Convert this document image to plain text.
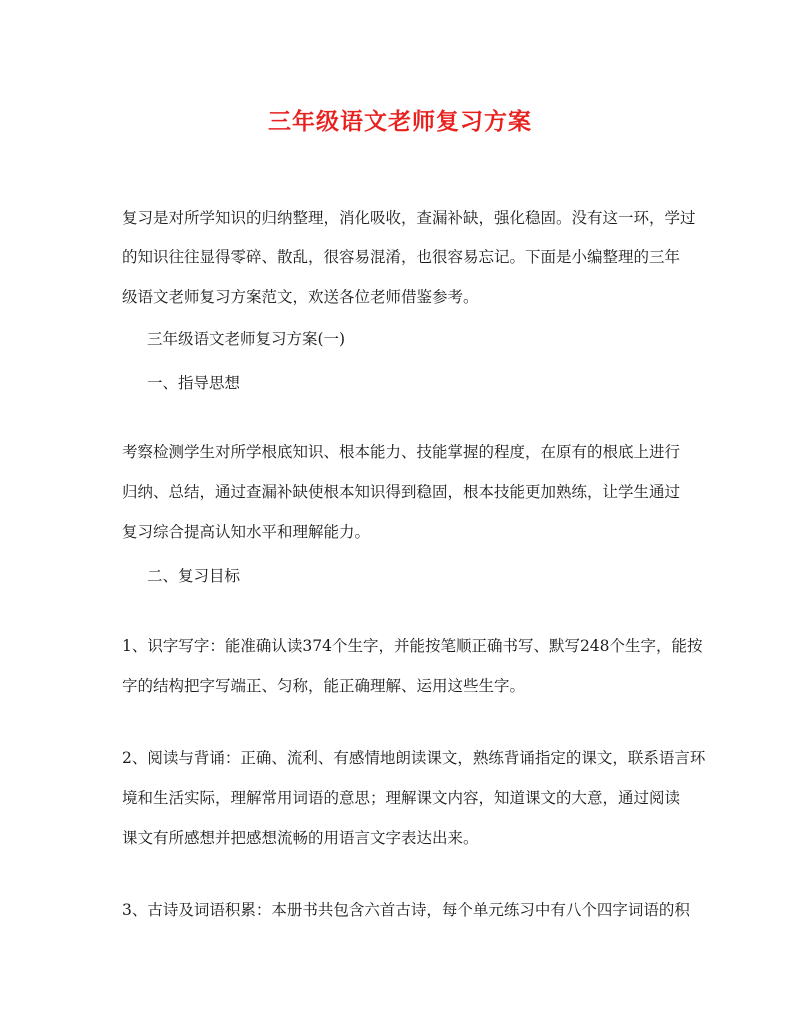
三年级语文老师复习方案

复习是对所学知识的归纳整理，消化吸收，查漏补缺，强化稳固。没有这一环，学过

的知识往往显得零碎、散乱，很容易混淆，也很容易忘记。下面是小编整理的三年

级语文老师复习方案范文，欢送各位老师借鉴参考。

三年级语文老师复习方案(一)

一、指导思想

考察检测学生对所学根底知识、根本能力、技能掌握的程度，在原有的根底上进行

归纳、总结，通过查漏补缺使根本知识得到稳固，根本技能更加熟练，让学生通过

复习综合提高认知水平和理解能力。

二、复习目标

1、识字写字：能准确认读374个生字，并能按笔顺正确书写、默写248个生字，能按

字的结构把字写端正、匀称，能正确理解、运用这些生字。

2、阅读与背诵：正确、流利、有感情地朗读课文，熟练背诵指定的课文，联系语言环

境和生活实际，理解常用词语的意思；理解课文内容，知道课文的大意，通过阅读

课文有所感想并把感想流畅的用语言文字表达出来。

3、古诗及词语积累：本册书共包含六首古诗，每个单元练习中有八个四字词语的积
